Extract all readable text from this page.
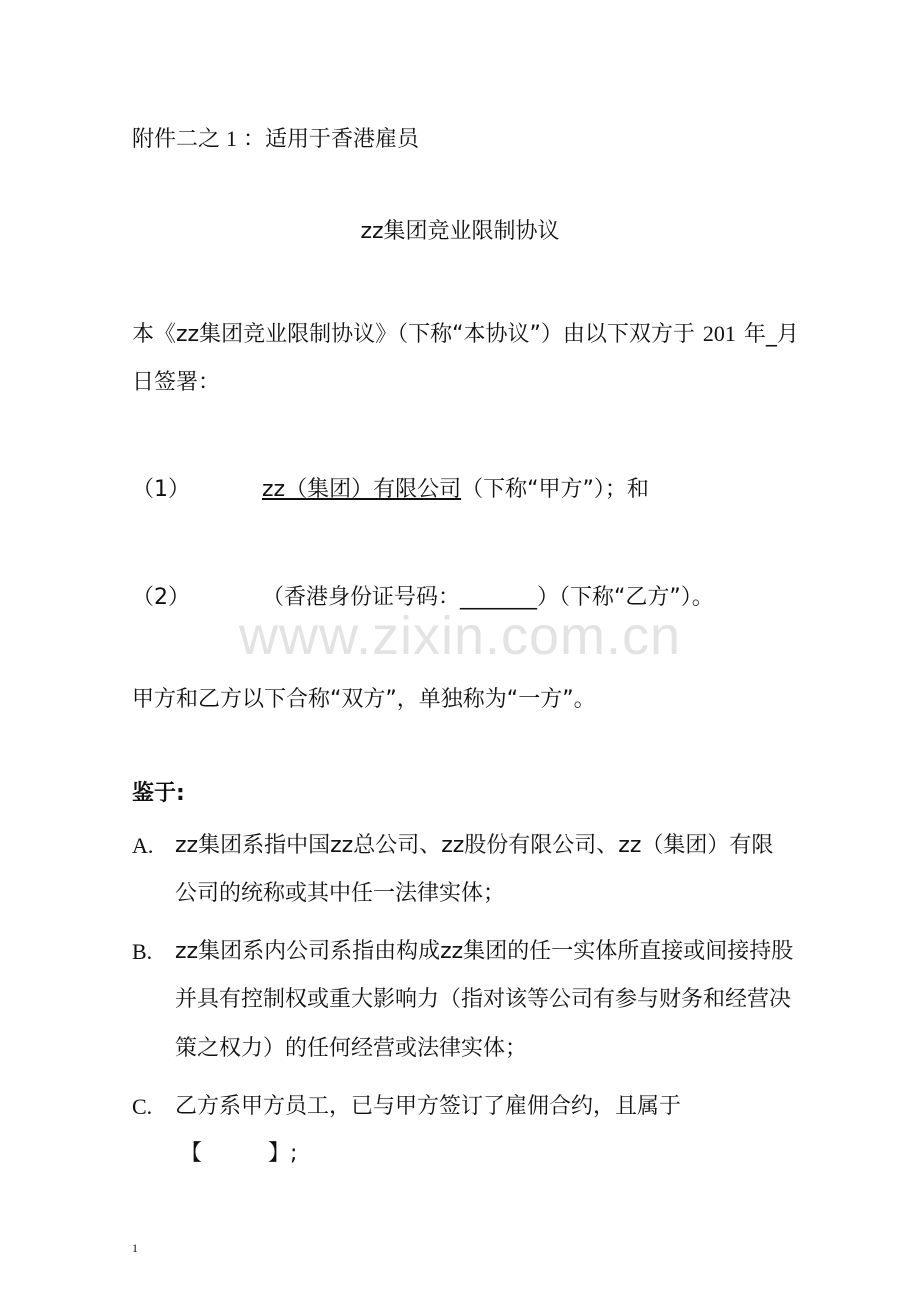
附件二之 1 ：适用于香港雇员

zz集团竞业限制协议

本《zz集团竞业限制协议》（下称“本协议”）由以下双方于 201 年_月

日签署：

（1）	zz（集团）有限公司（下称“甲方”）；和

（2）	（香港身份证号码：_______）（下称“乙方”）。

甲方和乙方以下合称“双方”，单独称为“一方”。

鉴于:

A. zz集团系指中国zz总公司、zz股份有限公司、zz（集团）有限

公司的统称或其中任一法律实体；

B. zz集团系内公司系指由构成zz集团的任一实体所直接或间接持股

并具有控制权或重大影响力（指对该等公司有参与财务和经营决

策之权力）的任何经营或法律实体；

C. 乙方系甲方员工，已与甲方签订了雇佣合约，且属于

【　　　】;

www.zixin.com.cn
1
